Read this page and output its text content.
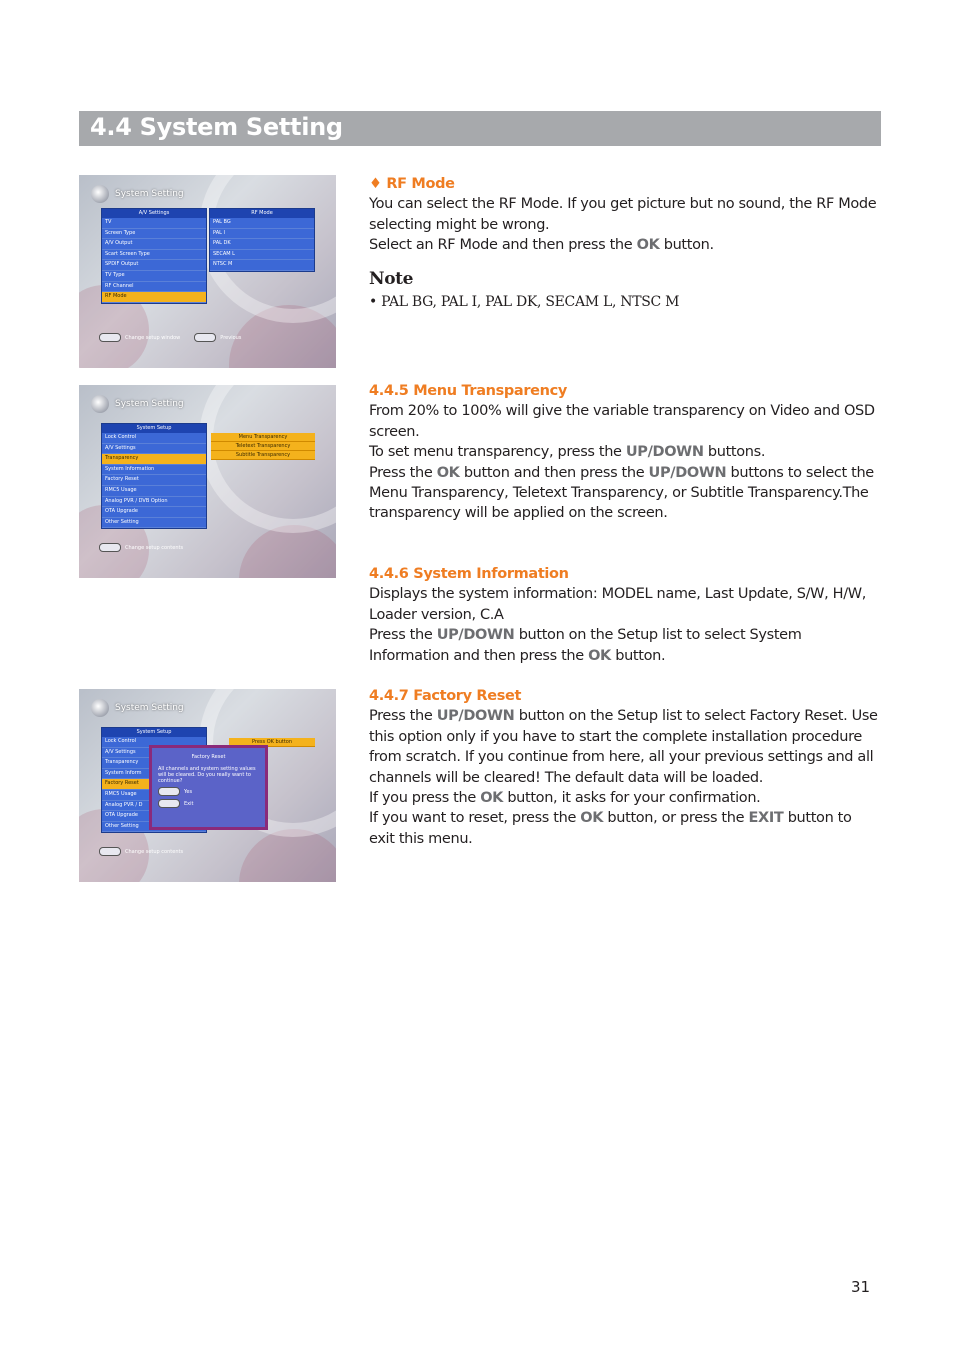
4.4 System Setting
System Setting
A/V Settings
TV
Screen Type
A/V Output
Scart Screen Type
SPDIF Output
TV Type
RF Channel
RF Mode
RF Mode
PAL BG
PAL I
PAL DK
SECAM L
NTSC M
Change setup window	Previous
System Setting
System Setup
Lock Control
A/V Settings
Transparency
System Information
Factory Reset
RMC5 Usage
Analog PVR / DVB Option
OTA Upgrade
Other Setting
Menu Transparency
Teletext Transparency
Subtitle Transparency
Change setup contents
System Setting
System Setup
Lock Control
A/V Settings
Transparency
System Inform
Factory Reset
RMC5 Usage
Analog PVR / D
OTA Upgrade
Other Setting
Press OK button
Factory Reset
All channels and system setting values will be cleared. Do you really want to continue?
Yes
Exit
Change setup contents

♦ RF Mode

You can select the RF Mode. If you get picture but no sound, the RF Mode selecting might be wrong.

Select an RF Mode and then press the OK button.

Note

• PAL BG, PAL I, PAL DK, SECAM L, NTSC M

4.4.5 Menu Transparency

From 20% to 100% will give the variable transparency on Video and OSD screen.

To set menu transparency, press the UP/DOWN buttons.

Press the OK button and then press the UP/DOWN buttons to select the Menu Transparency, Teletext Transparency, or Subtitle Transparency.The transparency will be applied on the screen.

4.4.6 System Information

Displays the system information: MODEL name, Last Update, S/W, H/W, Loader version, C.A

Press the UP/DOWN button on the Setup list to select System Information and then press the OK button.

4.4.7 Factory Reset

Press the UP/DOWN button on the Setup list to select Factory Reset. Use this option only if you have to start the complete installation procedure from scratch. If you continue from here, all your previous settings and all channels will be cleared! The default data will be loaded.

If you press the OK button, it asks for your confirmation.

If you want to reset, press the OK button, or press the EXIT button to exit this menu.

31
